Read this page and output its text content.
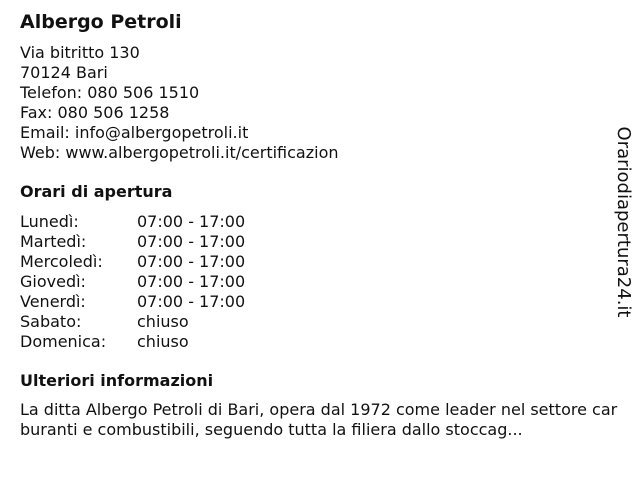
Albergo Petroli
Via bitritto 130
70124 Bari
Telefon: 080 506 1510
Fax: 080 506 1258
Email: info@albergopetroli.it
Web: www.albergopetroli.it/certificazion
Orari di apertura
Lunedì:	07:00 - 17:00
Martedì:	07:00 - 17:00
Mercoledì:	07:00 - 17:00
Giovedì:	07:00 - 17:00
Venerdì:	07:00 - 17:00
Sabato:	chiuso
Domenica:	chiuso
Ulteriori informazioni
La ditta Albergo Petroli di Bari, opera dal 1972 come leader nel settore carburanti e combustibili, seguendo tutta la filiera dallo stoccag...
Orariodiapertura24.it
